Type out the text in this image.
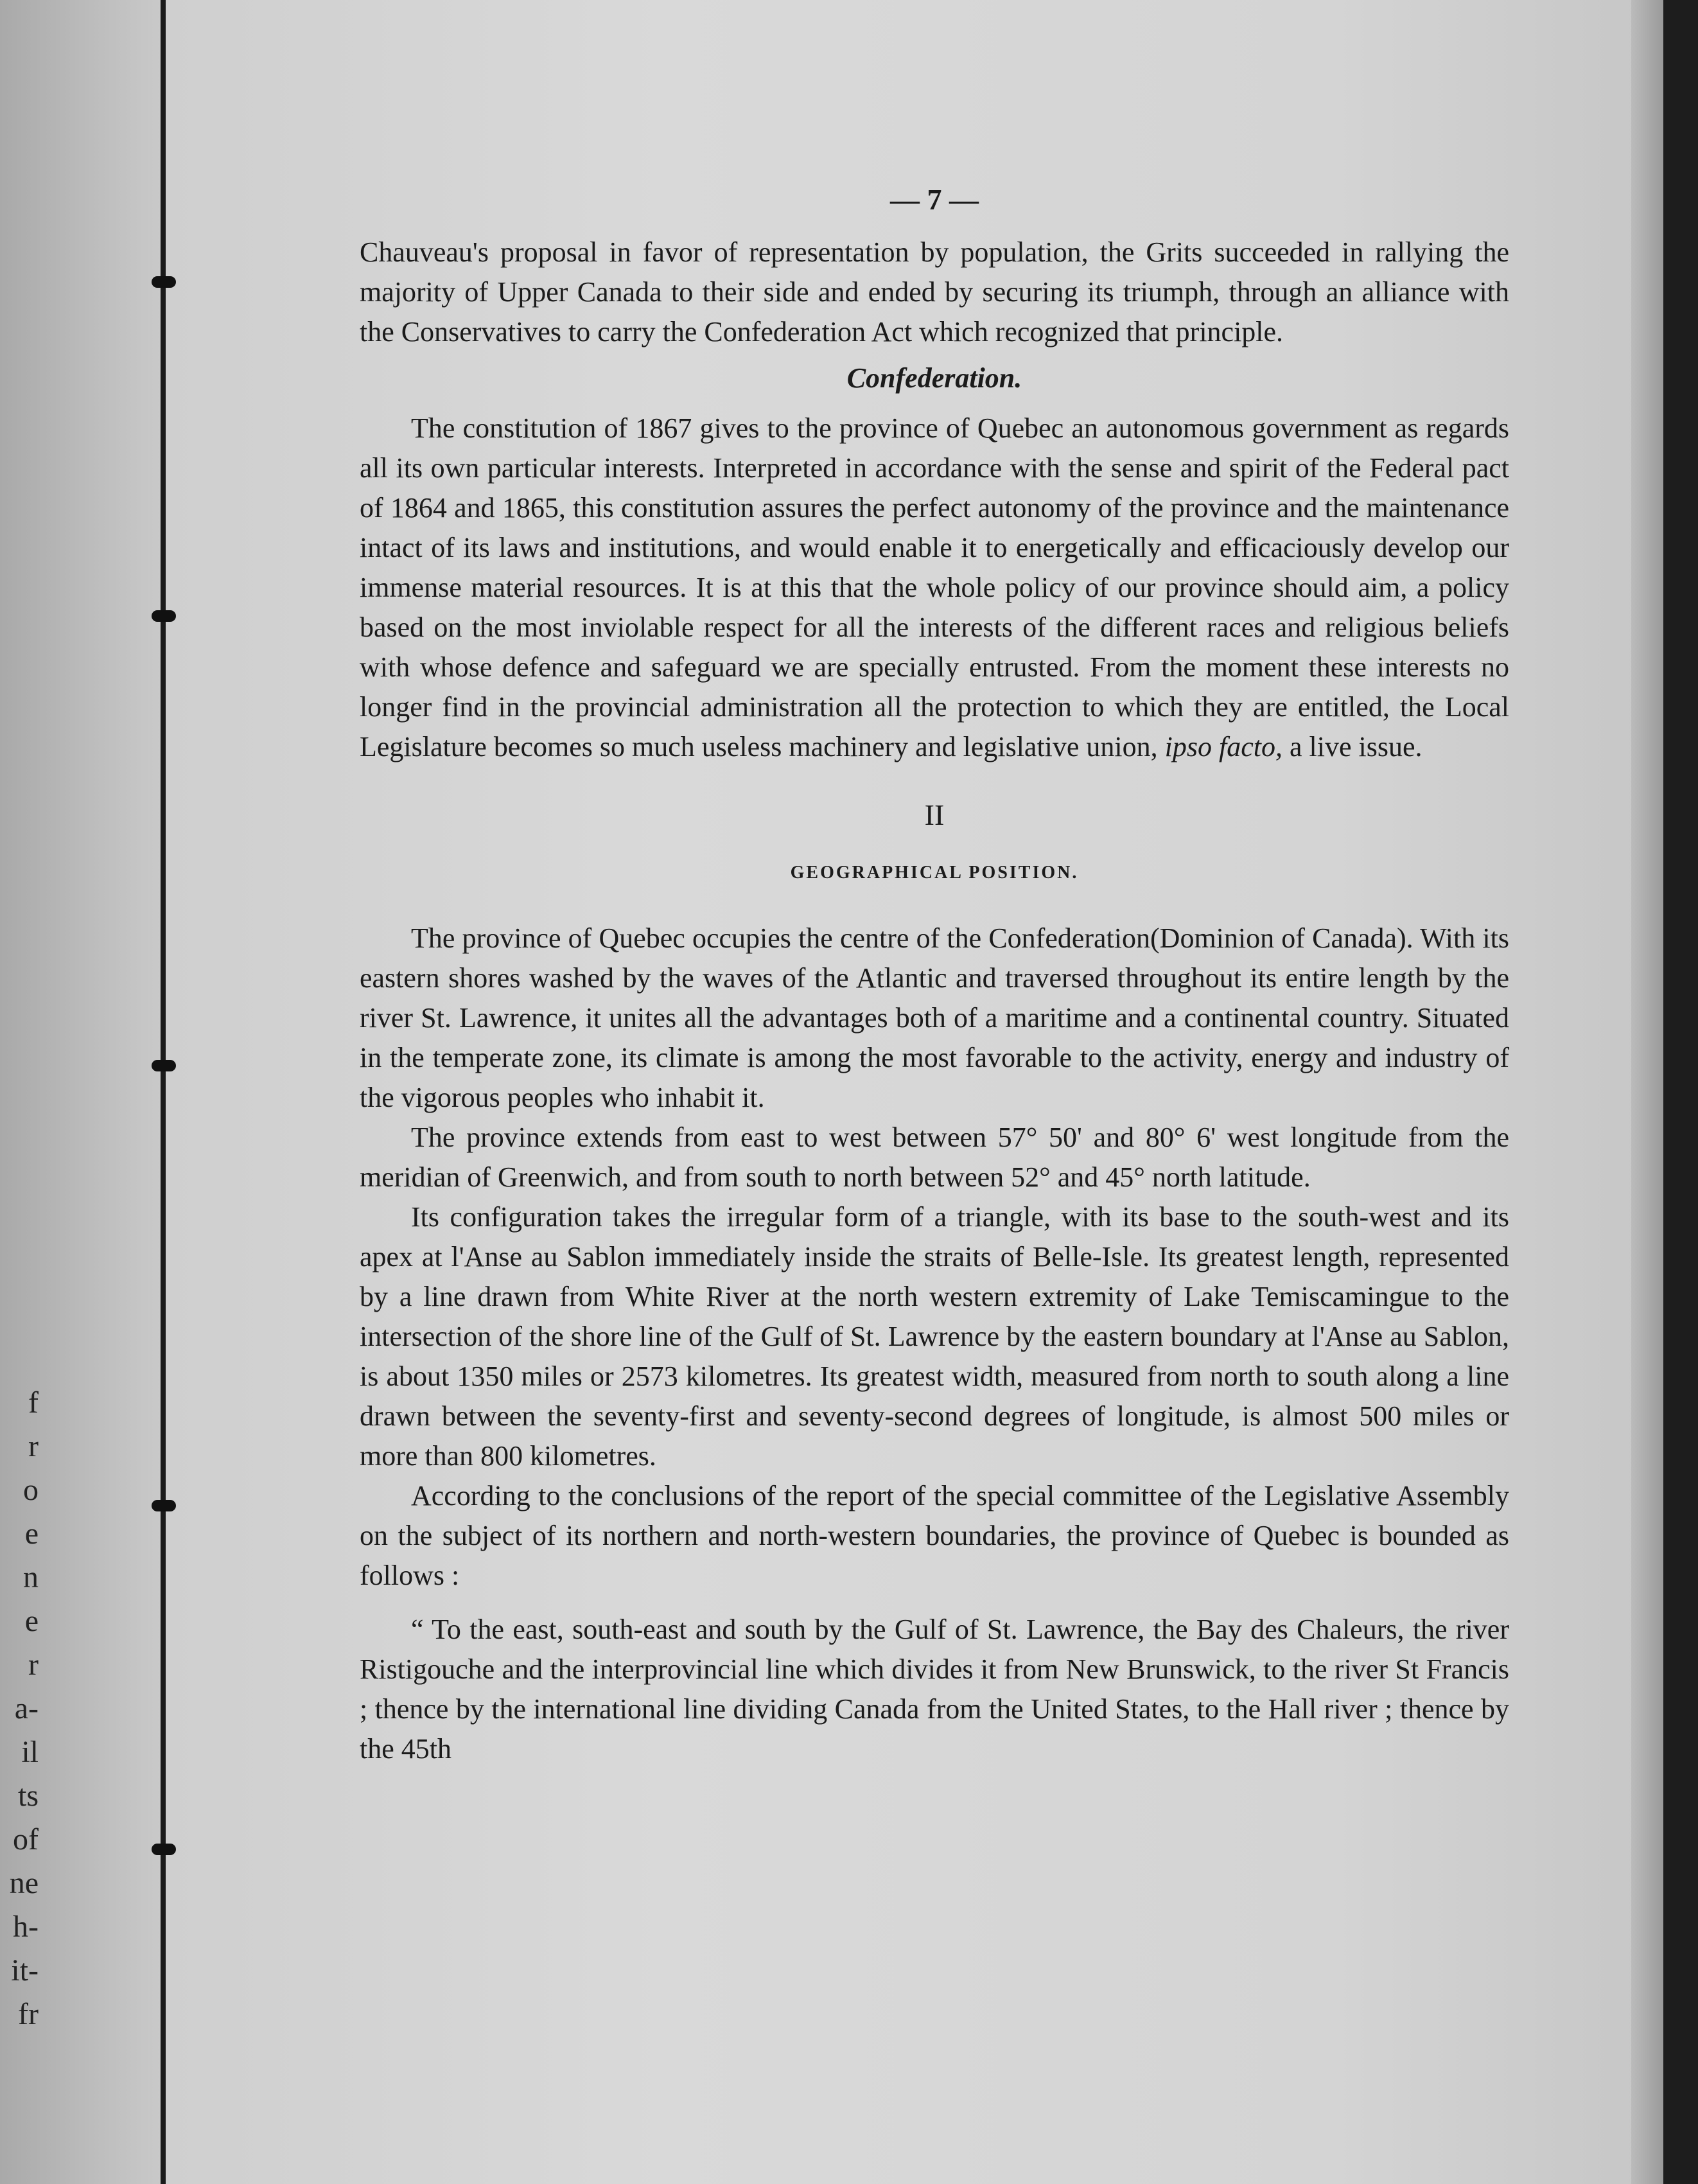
f
r
o
e
n
e
r
a-
il
ts
of
ne
h-
it-
fr
— 7 —

Chauveau's proposal in favor of representation by population, the Grits succeeded in rallying the majority of Upper Canada to their side and ended by securing its triumph, through an alliance with the Conservatives to carry the Confederation Act which recognized that principle.

Confederation.

The constitution of 1867 gives to the province of Quebec an autonomous government as regards all its own particular interests. Interpreted in accordance with the sense and spirit of the Federal pact of 1864 and 1865, this constitution assures the perfect autonomy of the province and the maintenance intact of its laws and institutions, and would enable it to energetically and efficaciously develop our immense material resources. It is at this that the whole policy of our province should aim, a policy based on the most inviolable respect for all the interests of the different races and religious beliefs with whose defence and safeguard we are specially entrusted. From the moment these interests no longer find in the provincial administration all the protection to which they are entitled, the Local Legislature becomes so much useless machinery and legislative union, ipso facto, a live issue.

II
GEOGRAPHICAL POSITION.

The province of Quebec occupies the centre of the Confederation(Dominion of Canada). With its eastern shores washed by the waves of the Atlantic and traversed throughout its entire length by the river St. Lawrence, it unites all the advantages both of a maritime and a continental country. Situated in the temperate zone, its climate is among the most favorable to the activity, energy and industry of the vigorous peoples who inhabit it.

The province extends from east to west between 57° 50' and 80° 6' west longitude from the meridian of Greenwich, and from south to north between 52° and 45° north latitude.

Its configuration takes the irregular form of a triangle, with its base to the south-west and its apex at l'Anse au Sablon immediately inside the straits of Belle-Isle. Its greatest length, represented by a line drawn from White River at the north western extremity of Lake Temiscamingue to the intersection of the shore line of the Gulf of St. Lawrence by the eastern boundary at l'Anse au Sablon, is about 1350 miles or 2573 kilometres. Its greatest width, measured from north to south along a line drawn between the seventy-first and seventy-second degrees of longitude, is almost 500 miles or more than 800 kilometres.

According to the conclusions of the report of the special committee of the Legislative Assembly on the subject of its northern and north-western boundaries, the province of Quebec is bounded as follows :

“ To the east, south-east and south by the Gulf of St. Lawrence, the Bay des Chaleurs, the river Ristigouche and the interprovincial line which divides it from New Brunswick, to the river St Francis ; thence by the international line dividing Canada from the United States, to the Hall river ; thence by the 45th
